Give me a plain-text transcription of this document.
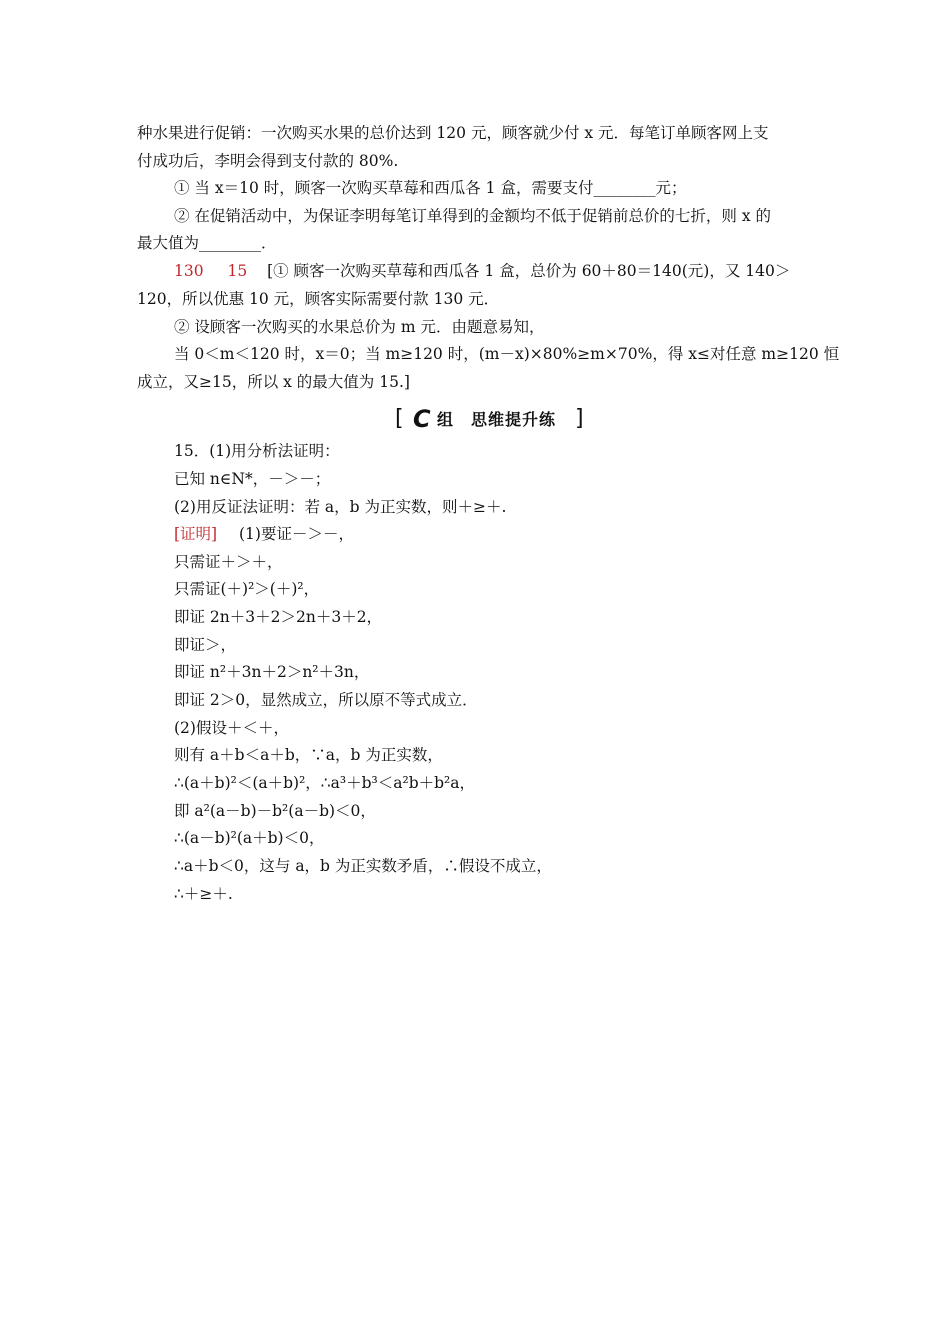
种水果进行促销：一次购买水果的总价达到 120 元，顾客就少付 x 元．每笔订单顾客网上支
付成功后，李明会得到支付款的 80%.
① 当 x＝10 时，顾客一次购买草莓和西瓜各 1 盒，需要支付________元；
② 在促销活动中，为保证李明每笔订单得到的金额均不低于促销前总价的七折，则 x 的
最大值为________．
130 15 [① 顾客一次购买草莓和西瓜各 1 盒，总价为 60＋80＝140(元)，又 140＞
120，所以优惠 10 元，顾客实际需要付款 130 元．
② 设顾客一次购买的水果总价为 m 元．由题意易知，
当 0＜m＜120 时，x＝0；当 m≥120 时，(m－x)×80%≥m×70%，得 x≤对任意 m≥120 恒
成立，又≥15，所以 x 的最大值为 15.]
[ C 组　思维提升练 ]
15．(1)用分析法证明：
已知 n∈N*，－＞－；
(2)用反证法证明：若 a，b 为正实数，则＋≥＋.
[证明] (1)要证－＞－，
只需证＋＞＋，
只需证(＋)²＞(＋)²，
即证 2n＋3＋2＞2n＋3＋2，
即证＞，
即证 n²＋3n＋2＞n²＋3n，
即证 2＞0，显然成立，所以原不等式成立．
(2)假设＋＜＋，
则有 a＋b＜a＋b，∵a，b 为正实数，
∴(a＋b)²＜(a＋b)²，∴a³＋b³＜a²b＋b²a，
即 a²(a－b)－b²(a－b)＜0，
∴(a－b)²(a＋b)＜0，
∴a＋b＜0，这与 a，b 为正实数矛盾，∴假设不成立，
∴＋≥＋.
